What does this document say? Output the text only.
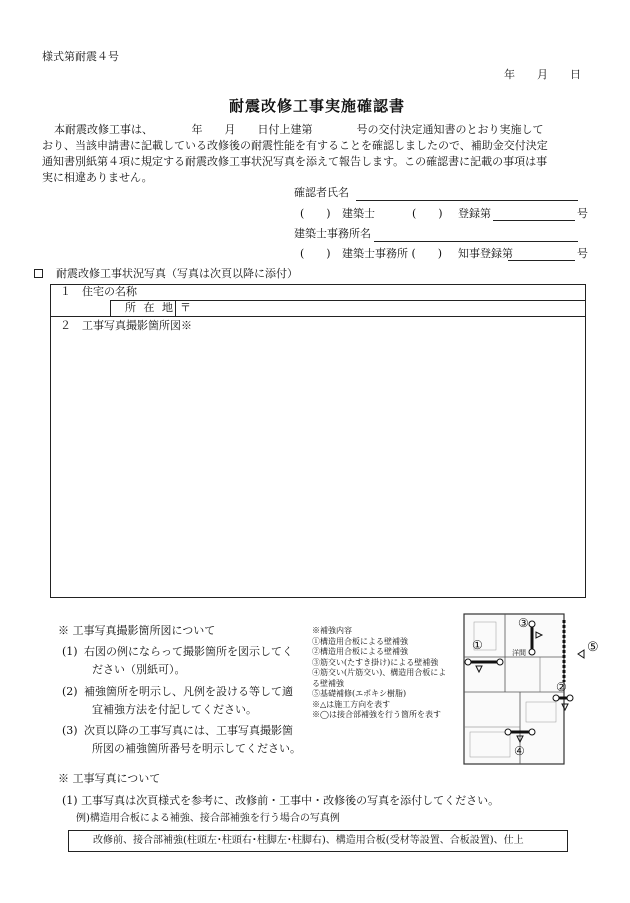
様式第耐震４号
年　　月　　日
耐震改修工事実施確認書
本耐震改修工事は、　　　　年　　月　　日付上建第　　　　号の交付決定通知書のとおり実施して
おり、当該申請書に記載している改修後の耐震性能を有することを確認しましたので、補助金交付決定
通知書別紙第４項に規定する耐震改修工事状況写真を添えて報告します。この確認書に記載の事項は事
実に相違ありません。
確認者氏名
(　　) 建築士	(　　) 登録第	号
建築士事務所名
(　　) 建築士事務所 (　　) 知事登録第	号
耐震改修工事状況写真（写真は次頁以降に添付）
１　住宅の名称
所 在 地 〒
２　工事写真撮影箇所図※
※ 工事写真撮影箇所図について
(1) 右図の例にならって撮影箇所を図示してく
ださい（別紙可）。
(2) 補強箇所を明示し、凡例を設ける等して適
宜補強方法を付記してください。
(3) 次頁以降の工事写真には、工事写真撮影箇
所図の補強箇所番号を明示してください。
※補強内容
①構造用合板による壁補強
②構造用合板による壁補強
③筋交い(たすき掛け)による壁補強
④筋交い(片筋交い)、構造用合板による壁補強
⑤基礎補修(エポキシ樹脂)
※△は施工方向を表す
※◯は接合部補強を行う箇所を表す
①
③
②
④
洋間	⑤
※ 工事写真について
(1) 工事写真は次頁様式を参考に、改修前・工事中・改修後の写真を添付してください。
例)構造用合板による補強、接合部補強を行う場合の写真例
改修前、接合部補強(柱頭左･柱頭右･柱脚左･柱脚右)、構造用合板(受材等設置、合板設置)、仕上
